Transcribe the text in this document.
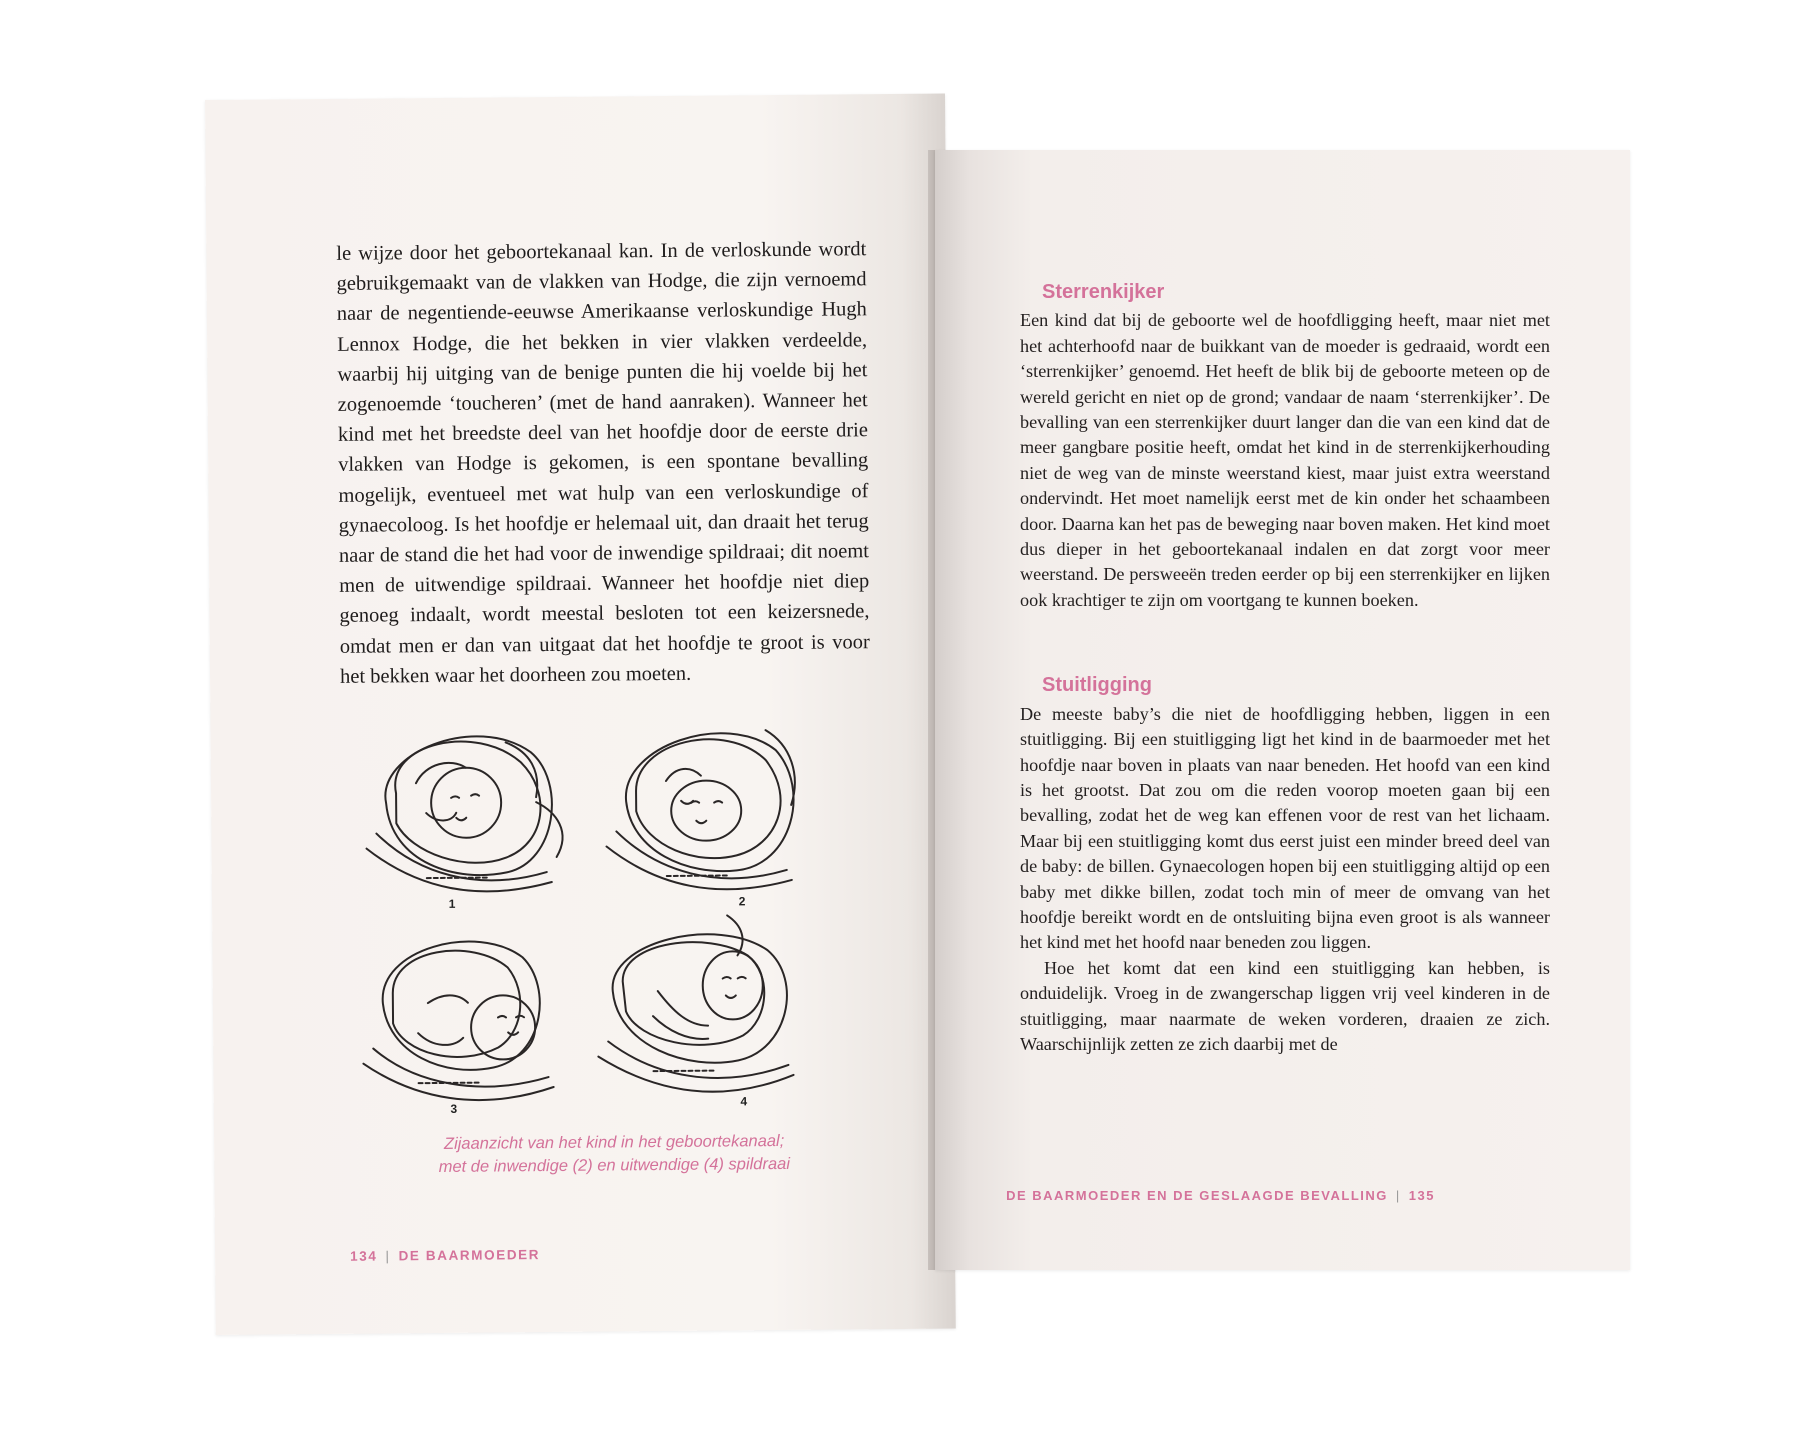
le wijze door het geboortekanaal kan. In de verloskunde wordt gebruikgemaakt van de vlakken van Hodge, die zijn vernoemd naar de negentiende-eeuwse Amerikaanse verloskundige Hugh Lennox Hodge, die het bekken in vier vlakken verdeelde, waarbij hij uitging van de benige punten die hij voelde bij het zogenoemde ‘toucheren’ (met de hand aanraken). Wanneer het kind met het breedste deel van het hoofdje door de eerste drie vlakken van Hodge is gekomen, is een spontane bevalling mogelijk, eventueel met wat hulp van een verloskundige of gynaecoloog. Is het hoofdje er helemaal uit, dan draait het terug naar de stand die het had voor de inwendige spildraai; dit noemt men de uitwendige spildraai. Wanneer het hoofdje niet diep genoeg indaalt, wordt meestal besloten tot een keizersnede, omdat men er dan van uitgaat dat het hoofdje te groot is voor het bekken waar het doorheen zou moeten.
1	2
3
4
Zijaanzicht van het kind in het geboortekanaal;
met de inwendige (2) en uitwendige (4) spildraai
134 | DE BAARMOEDER
Sterrenkijker

Een kind dat bij de geboorte wel de hoofdligging heeft, maar niet met het achterhoofd naar de buikkant van de moeder is gedraaid, wordt een ‘sterrenkijker’ genoemd. Het heeft de blik bij de geboorte meteen op de wereld gericht en niet op de grond; vandaar de naam ‘sterrenkijker’. De bevalling van een sterrenkijker duurt langer dan die van een kind dat de meer gangbare positie heeft, omdat het kind in de sterrenkijkerhouding niet de weg van de minste weerstand kiest, maar juist extra weerstand ondervindt. Het moet namelijk eerst met de kin onder het schaambeen door. Daarna kan het pas de beweging naar boven maken. Het kind moet dus dieper in het geboortekanaal indalen en dat zorgt voor meer weerstand. De persweeën treden eerder op bij een sterrenkijker en lijken ook krachtiger te zijn om voortgang te kunnen boeken.

Stuitligging

De meeste baby’s die niet de hoofdligging hebben, liggen in een stuitligging. Bij een stuitligging ligt het kind in de baarmoeder met het hoofdje naar boven in plaats van naar beneden. Het hoofd van een kind is het grootst. Dat zou om die reden voorop moeten gaan bij een bevalling, zodat het de weg kan effenen voor de rest van het lichaam. Maar bij een stuitligging komt dus eerst juist een minder breed deel van de baby: de billen. Gynaecologen hopen bij een stuitligging altijd op een baby met dikke billen, zodat toch min of meer de omvang van het hoofdje bereikt wordt en de ontsluiting bijna even groot is als wanneer het kind met het hoofd naar beneden zou liggen.

Hoe het komt dat een kind een stuitligging kan hebben, is onduidelijk. Vroeg in de zwangerschap liggen vrij veel kinderen in de stuitligging, maar naarmate de weken vorderen, draaien ze zich. Waarschijnlijk zetten ze zich daarbij met de

DE BAARMOEDER EN DE GESLAAGDE BEVALLING | 135
